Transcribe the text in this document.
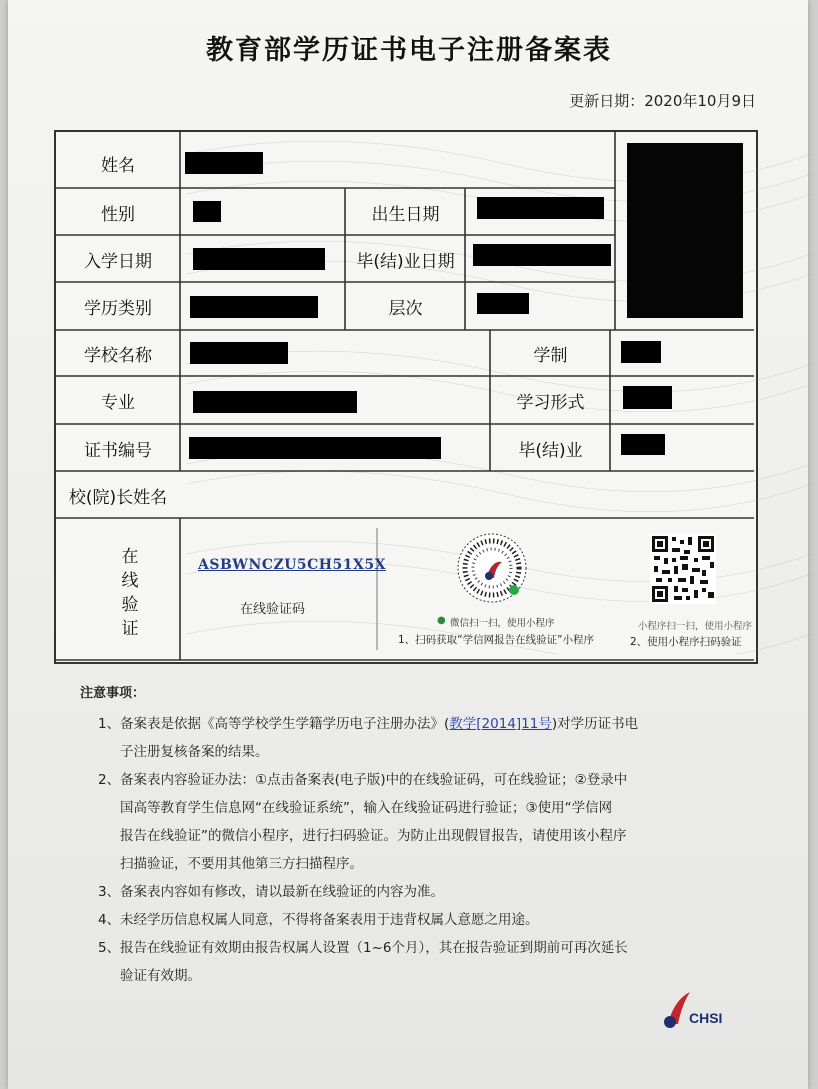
教育部学历证书电子注册备案表
更新日期：2020年10月9日
姓名
性别	出生日期
入学日期	毕(结)业日期
学历类别	层次
学校名称	学制
专业	学习形式
证书编号	毕(结)业
校(院)长姓名
在
线
验
证
ASBWNCZU5CH51X5X
在线验证码
● 微信扫一扫，使用小程序
1、扫码获取“学信网报告在线验证”小程序
小程序扫一扫，使用小程序
2、使用小程序扫码验证
注意事项：
1、 备案表是依据《高等学校学生学籍学历电子注册办法》(教学[2014]11号)对学历证书电
子注册复核备案的结果。
2、 备案表内容验证办法：①点击备案表(电子版)中的在线验证码，可在线验证；②登录中
国高等教育学生信息网“在线验证系统”，输入在线验证码进行验证；③使用“学信网
报告在线验证”的微信小程序，进行扫码验证。为防止出现假冒报告，请使用该小程序
扫描验证，不要用其他第三方扫描程序。
3、 备案表内容如有修改，请以最新在线验证的内容为准。
4、 未经学历信息权属人同意，不得将备案表用于违背权属人意愿之用途。
5、 报告在线验证有效期由报告权属人设置（1~6个月），其在报告验证到期前可再次延长
验证有效期。
CHSI
